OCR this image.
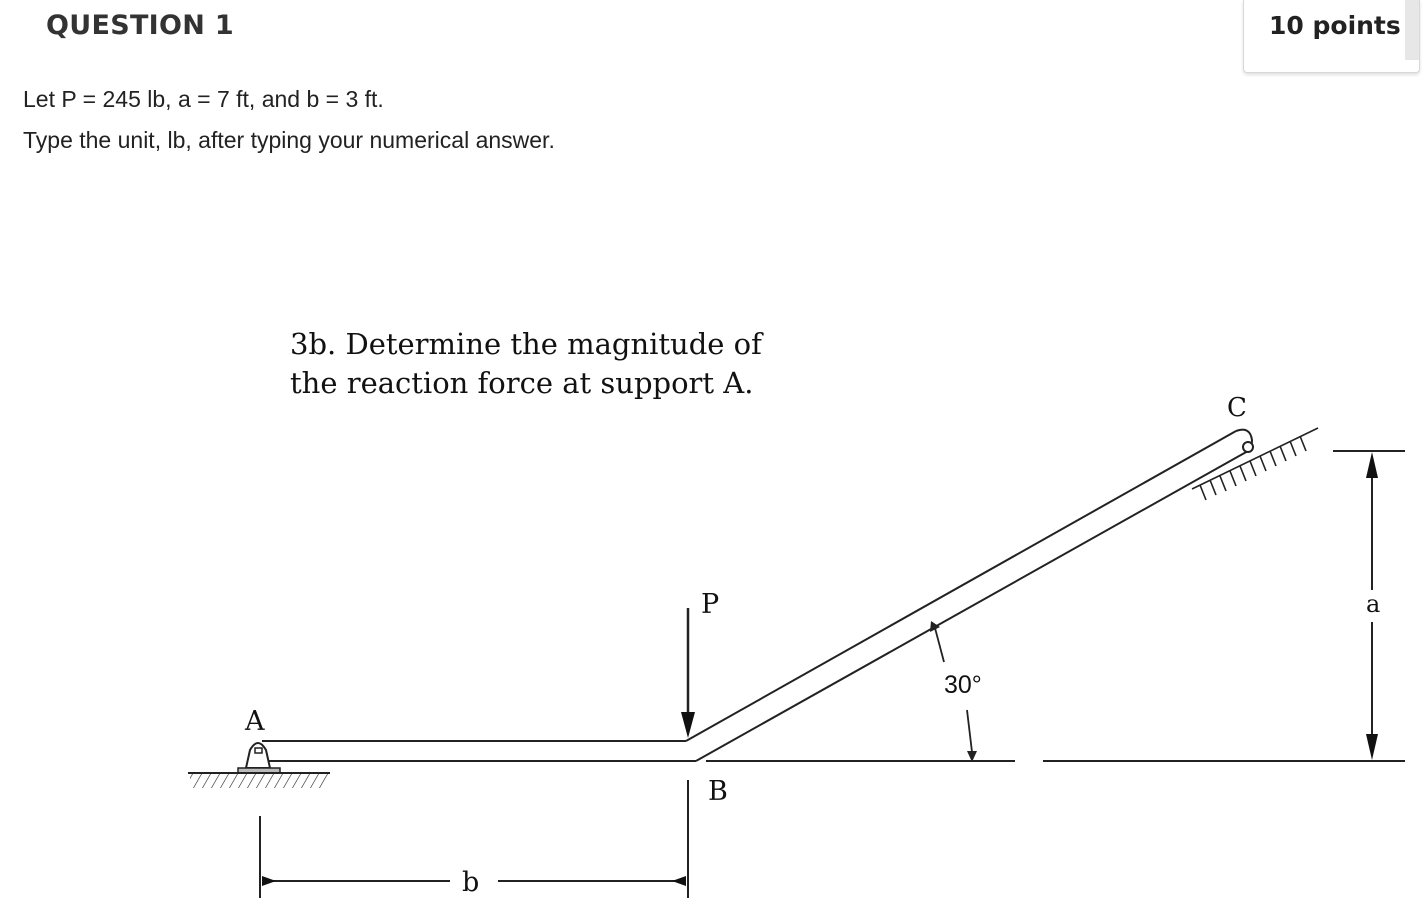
QUESTION 1	10 points
Let P = 245 lb, a = 7 ft, and b = 3 ft.
Type the unit, lb, after typing your numerical answer.
3b. Determine the magnitude of
the reaction force at support A.
P
30°
A
B
C
a
b
